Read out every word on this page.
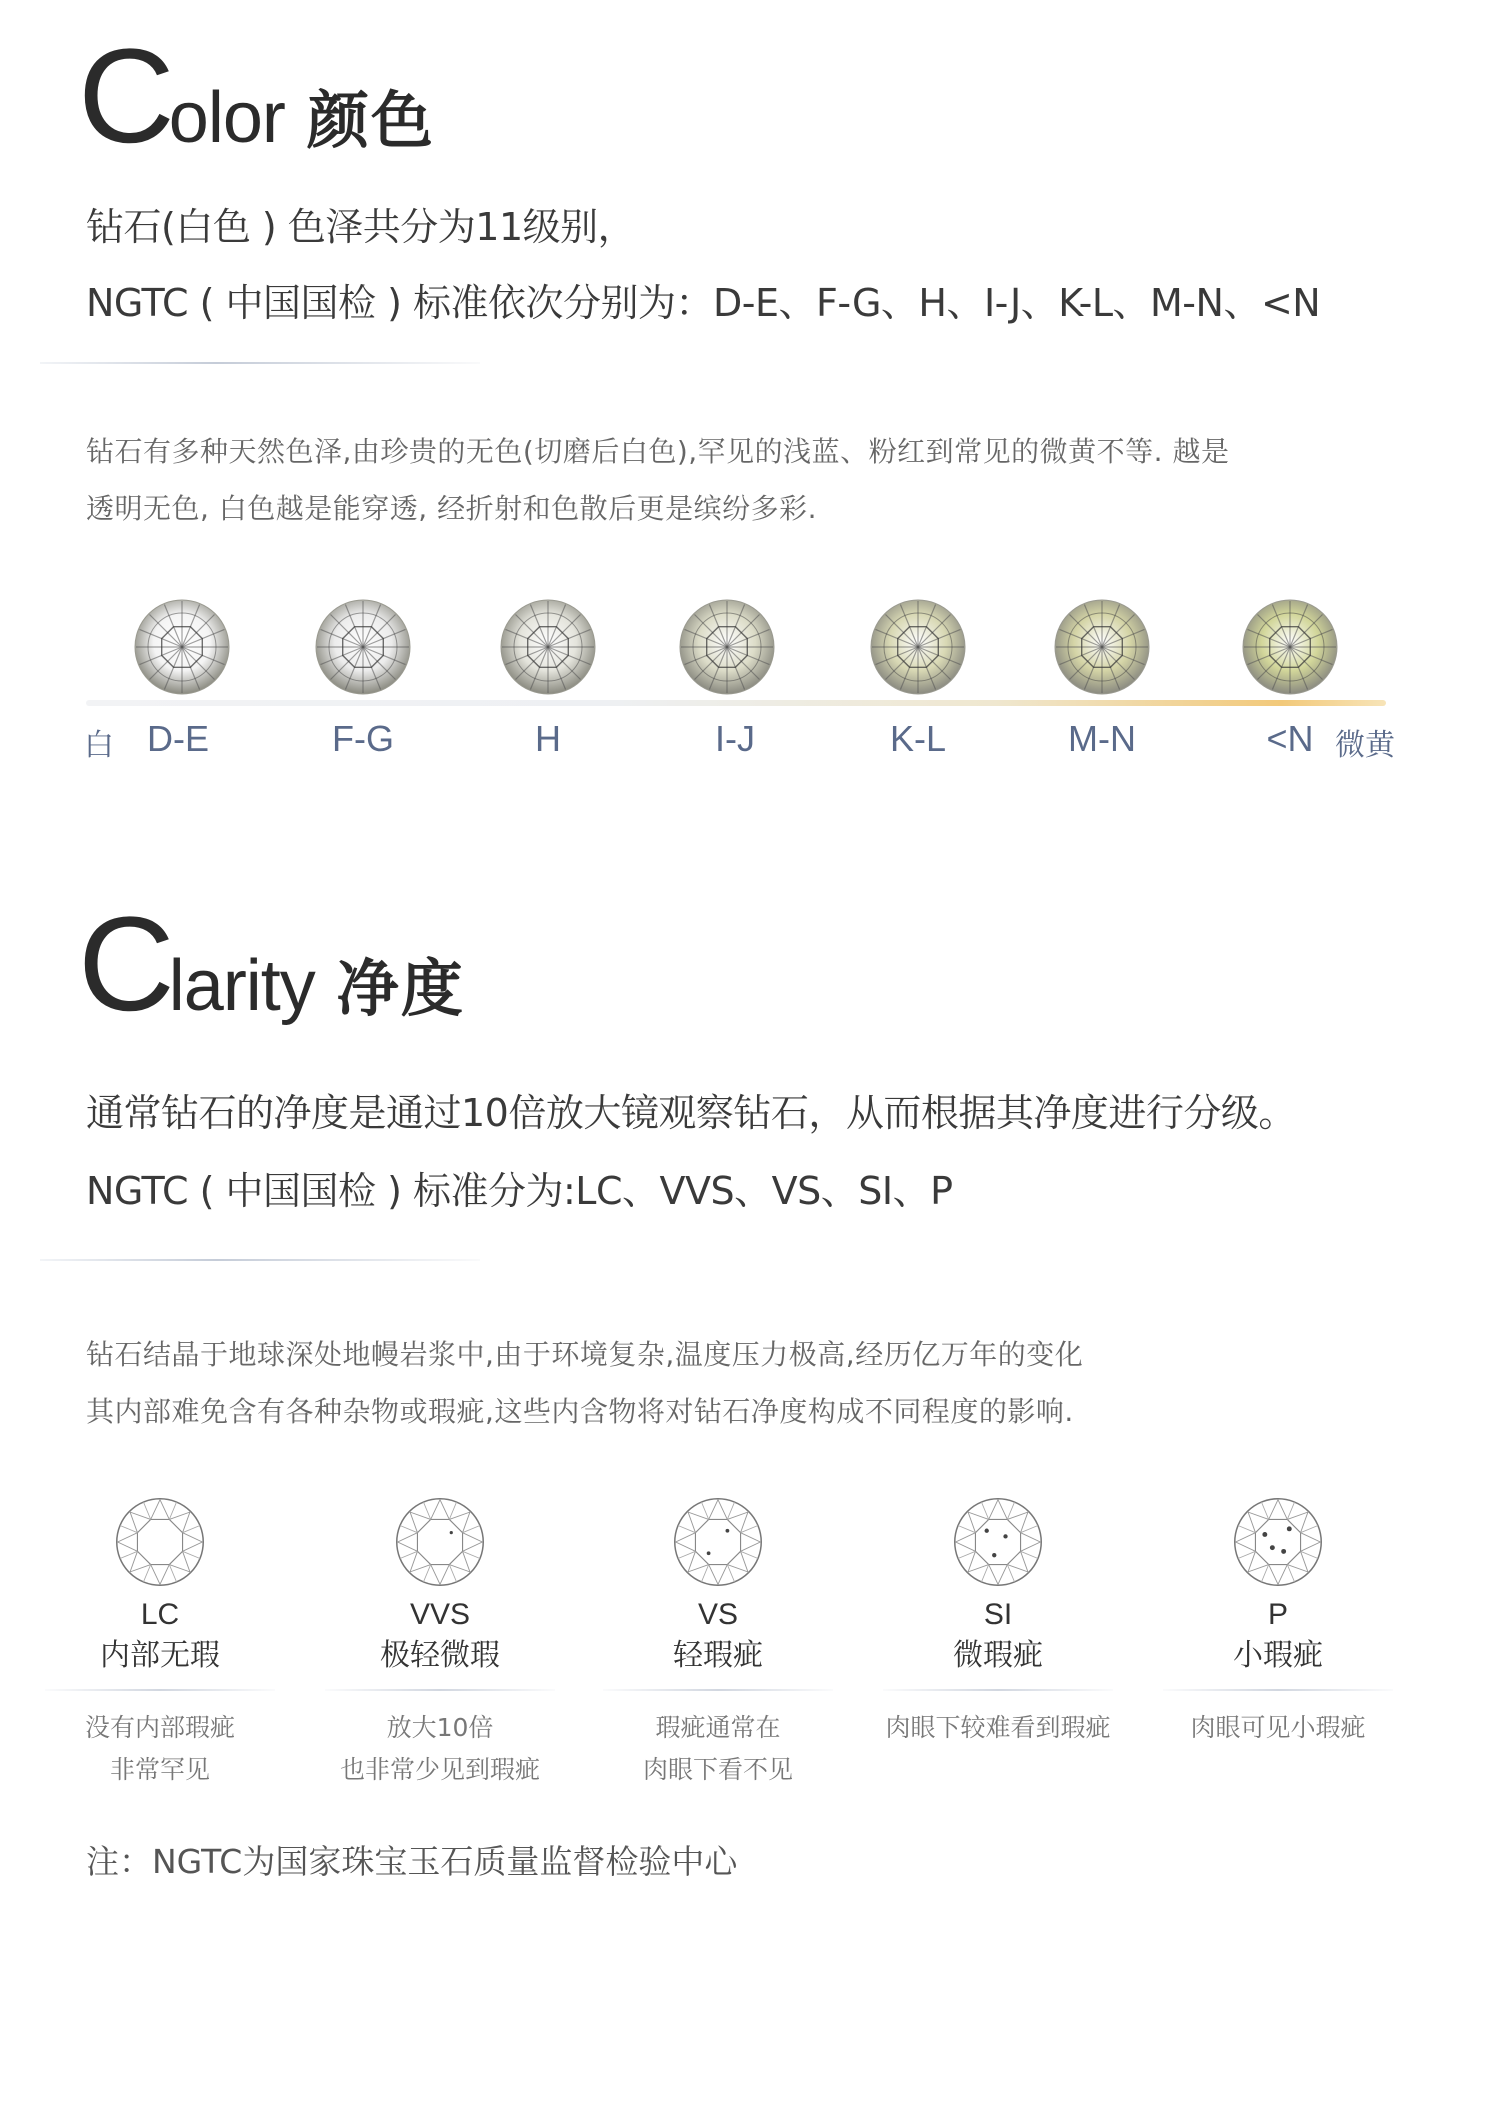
Color 颜色
钻石(白色 ) 色泽共分为11级别，
NGTC ( 中国国检 ) 标准依次分别为：D-E、F-G、H、I-J、K-L、M-N、<N
钻石有多种天然色泽,由珍贵的无色(切磨后白色),罕见的浅蓝、粉红到常见的微黄不等. 越是
透明无色, 白色越是能穿透, 经折射和色散后更是缤纷多彩.
D-E	F-G	H	I-J	K-L	M-N	<N
白	微黄
Clarity 净度
通常钻石的净度是通过10倍放大镜观察钻石，从而根据其净度进行分级。
NGTC ( 中国国检 ) 标准分为:LC、VVS、VS、SI、P
钻石结晶于地球深处地幔岩浆中,由于环境复杂,温度压力极高,经历亿万年的变化
其内部难免含有各种杂物或瑕疵,这些内含物将对钻石净度构成不同程度的影响.
LC
内部无瑕
没有内部瑕疵
非常罕见
VVS
极轻微瑕
放大10倍
也非常少见到瑕疵
VS
轻瑕疵
瑕疵通常在
肉眼下看不见
SI
微瑕疵
肉眼下较难看到瑕疵
P
小瑕疵
肉眼可见小瑕疵
注：NGTC为国家珠宝玉石质量监督检验中心
